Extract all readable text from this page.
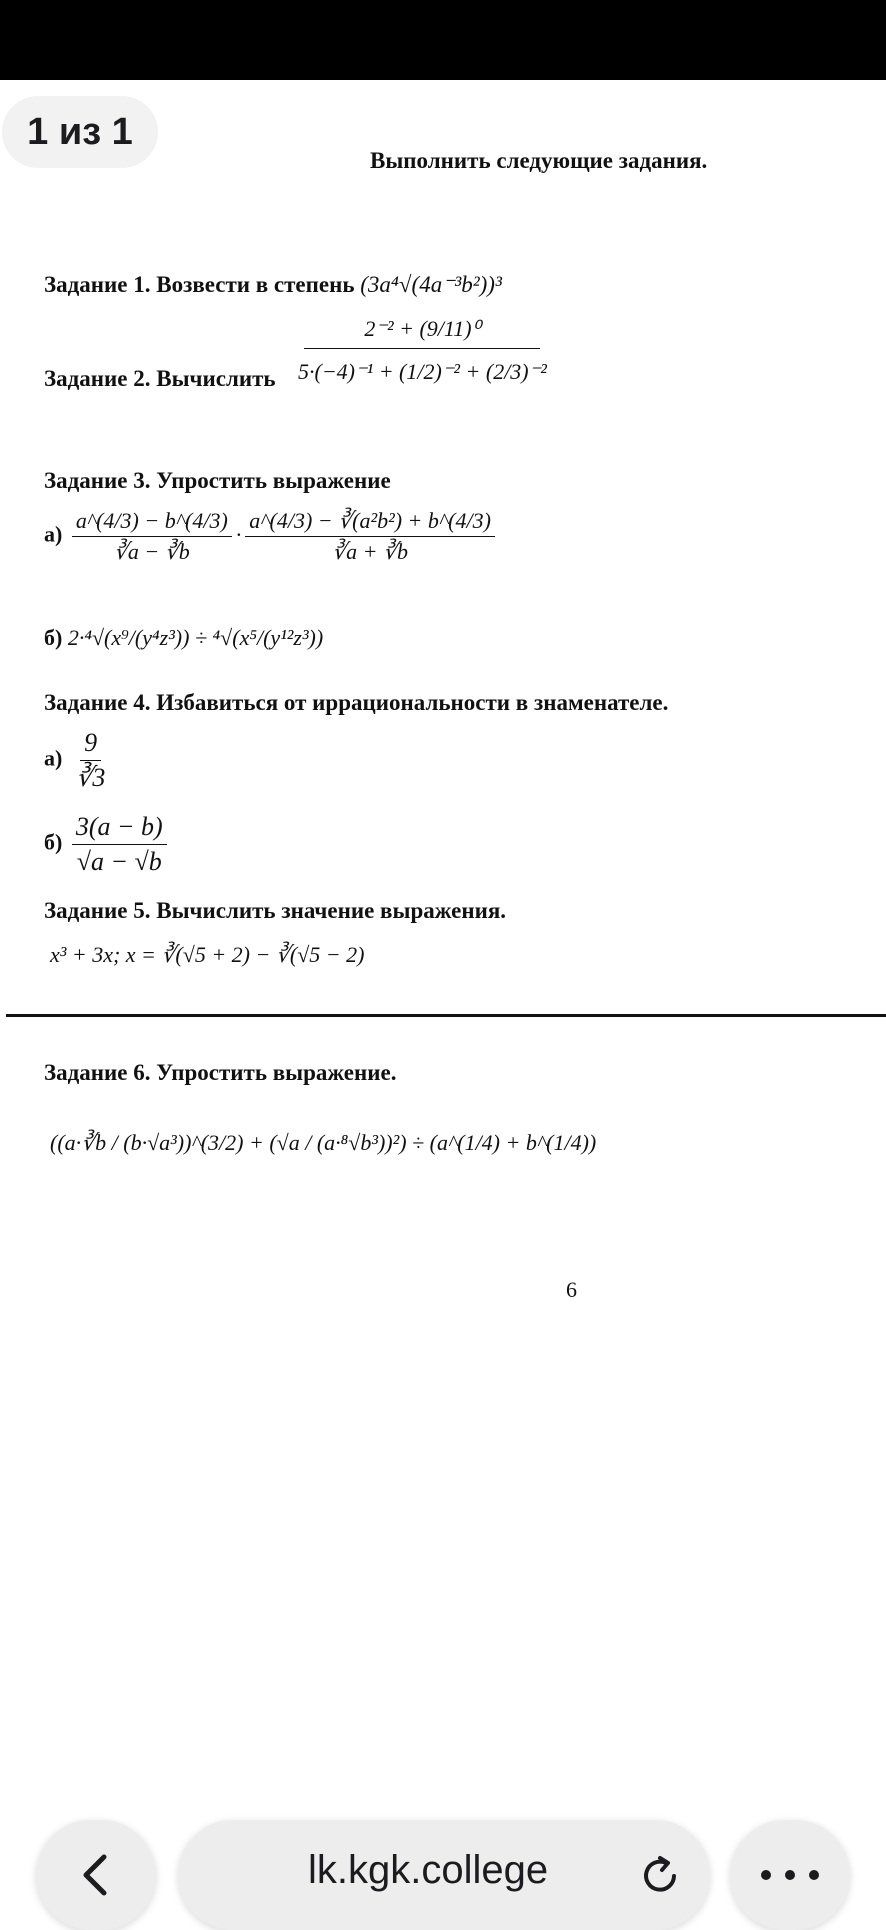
1 из 1
Выполнить следующие задания.
Задание 1. Возвести в степень (3a⁴√(4a⁻³b²))³
Задание 2. Вычислить $\frac{\text{2⁻² + (9/11)⁰}}{\text{5·(−4)⁻¹ + (1/2)⁻² + (2/3)⁻²}}$
Задание 3. Упростить выражение
$а) \frac{a\^{}(4/3) - b\^{}(4/3)}{∛a - ∛b} \cdot \frac{\text{a\textasciicircum{}(4/3) − ∛(a²b²) + b\textasciicircum{}(4/3)}}{∛a + ∛b}$
б) 2·⁴√(x⁹/(y⁴z³)) ÷ ⁴√(x⁵/(y¹²z³))
Задание 4. Избавиться от иррациональности в знаменателе.
$а) \frac{9}{∛3}$
$б) \frac{3(a - b)}{√a - √b}$
Задание 5. Вычислить значение выражения.
x³ + 3x; x = ∛(√5 + 2) − ∛(√5 − 2)
Задание 6. Упростить выражение.
((a·∛b / (b·√a³))^(3/2) + (√a / (a·⁸√b³))²) ÷ (a^(1/4) + b^(1/4))
6
lk.kgk.college
